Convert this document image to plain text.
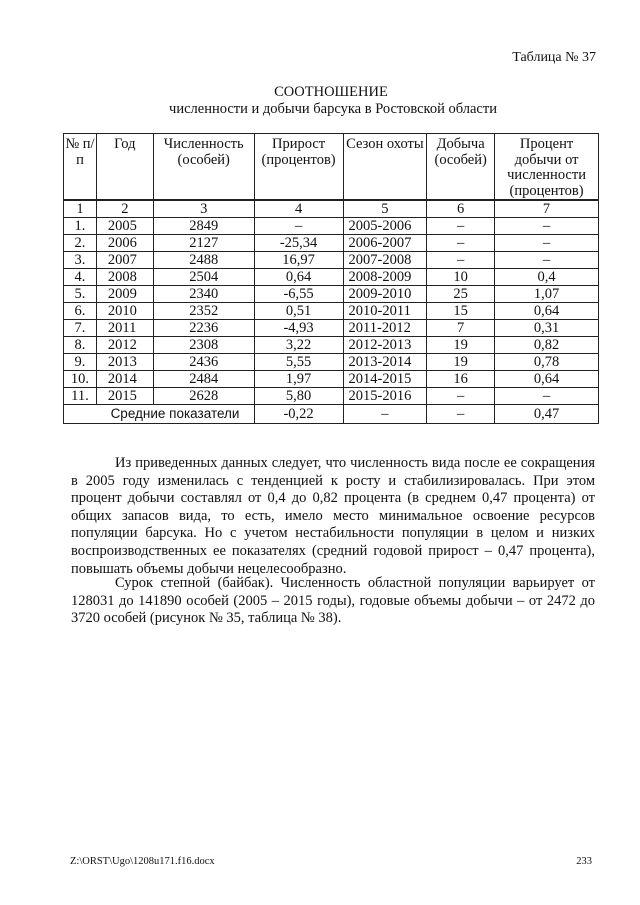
Таблица № 37
СООТНОШЕНИЕ
численности и добычи барсука в Ростовской области
№ п/п	Год	Численность (особей)	Прирост (процентов)	Сезон охоты	Добыча (особей)	Процент добычи от численности (процентов)
1	2	3	4	5	6	7
1.	2005	2849	–	2005-2006	–	–
2.	2006	2127	-25,34	2006-2007	–	–
3.	2007	2488	16,97	2007-2008	–	–
4.	2008	2504	0,64	2008-2009	10	0,4
5.	2009	2340	-6,55	2009-2010	25	1,07
6.	2010	2352	0,51	2010-2011	15	0,64
7.	2011	2236	-4,93	2011-2012	7	0,31
8.	2012	2308	3,22	2012-2013	19	0,82
9.	2013	2436	5,55	2013-2014	19	0,78
10.	2014	2484	1,97	2014-2015	16	0,64
11.	2015	2628	5,80	2015-2016	–	–
	Средние показатели		-0,22	–	–	0,47
Из приведенных данных следует, что численность вида после ее сокращения в 2005 году изменилась с тенденцией к росту и стабилизировалась. При этом процент добычи составлял от 0,4 до 0,82 процента (в среднем 0,47 процента) от общих запасов вида, то есть, имело место минимальное освоение ресурсов популяции барсука. Но с учетом нестабильности популяции в целом и низких воспроизводственных ее показателях (средний годовой прирост – 0,47 процента), повышать объемы добычи нецелесообразно.
Сурок степной (байбак). Численность областной популяции варьирует от 128031 до 141890 особей (2005 – 2015 годы), годовые объемы добычи – от 2472 до 3720 особей (рисунок № 35, таблица № 38).
Z:\ORST\Ugo\1208u171.f16.docx	233
